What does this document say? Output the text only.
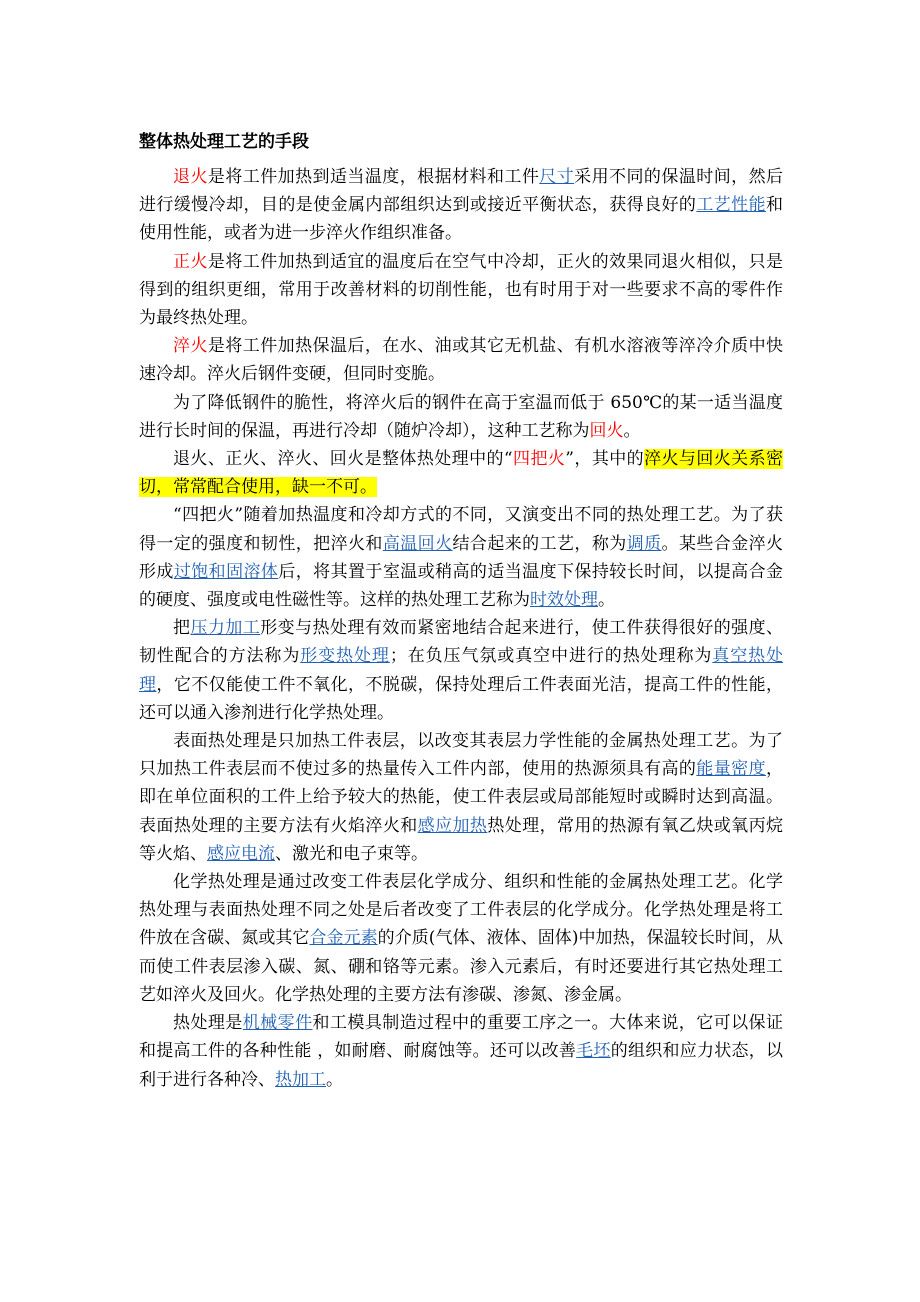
整体热处理工艺的手段

退火是将工件加热到适当温度，根据材料和工件尺寸采用不同的保温时间，然后进行缓慢冷却，目的是使金属内部组织达到或接近平衡状态，获得良好的工艺性能和使用性能，或者为进一步淬火作组织准备。

正火是将工件加热到适宜的温度后在空气中冷却，正火的效果同退火相似，只是得到的组织更细，常用于改善材料的切削性能，也有时用于对一些要求不高的零件作为最终热处理。

淬火是将工件加热保温后，在水、油或其它无机盐、有机水溶液等淬冷介质中快速冷却。淬火后钢件变硬，但同时变脆。

为了降低钢件的脆性，将淬火后的钢件在高于室温而低于 650℃的某一适当温度进行长时间的保温，再进行冷却（随炉冷却），这种工艺称为回火。

退火、正火、淬火、回火是整体热处理中的“四把火”，其中的淬火与回火关系密切，常常配合使用，缺一不可。

“四把火”随着加热温度和冷却方式的不同，又演变出不同的热处理工艺。为了获得一定的强度和韧性，把淬火和高温回火结合起来的工艺，称为调质。某些合金淬火形成过饱和固溶体后，将其置于室温或稍高的适当温度下保持较长时间，以提高合金的硬度、强度或电性磁性等。这样的热处理工艺称为时效处理。

把压力加工形变与热处理有效而紧密地结合起来进行，使工件获得很好的强度、韧性配合的方法称为形变热处理；在负压气氛或真空中进行的热处理称为真空热处理，它不仅能使工件不氧化，不脱碳，保持处理后工件表面光洁，提高工件的性能，还可以通入渗剂进行化学热处理。

表面热处理是只加热工件表层，以改变其表层力学性能的金属热处理工艺。为了只加热工件表层而不使过多的热量传入工件内部，使用的热源须具有高的能量密度，即在单位面积的工件上给予较大的热能，使工件表层或局部能短时或瞬时达到高温。表面热处理的主要方法有火焰淬火和感应加热热处理，常用的热源有氧乙炔或氧丙烷等火焰、感应电流、激光和电子束等。

化学热处理是通过改变工件表层化学成分、组织和性能的金属热处理工艺。化学热处理与表面热处理不同之处是后者改变了工件表层的化学成分。化学热处理是将工件放在含碳、氮或其它合金元素的介质(气体、液体、固体)中加热，保温较长时间，从而使工件表层渗入碳、氮、硼和铬等元素。渗入元素后，有时还要进行其它热处理工艺如淬火及回火。化学热处理的主要方法有渗碳、渗氮、渗金属。

热处理是机械零件和工模具制造过程中的重要工序之一。大体来说，它可以保证和提高工件的各种性能 ，如耐磨、耐腐蚀等。还可以改善毛坯的组织和应力状态，以利于进行各种冷、热加工。
